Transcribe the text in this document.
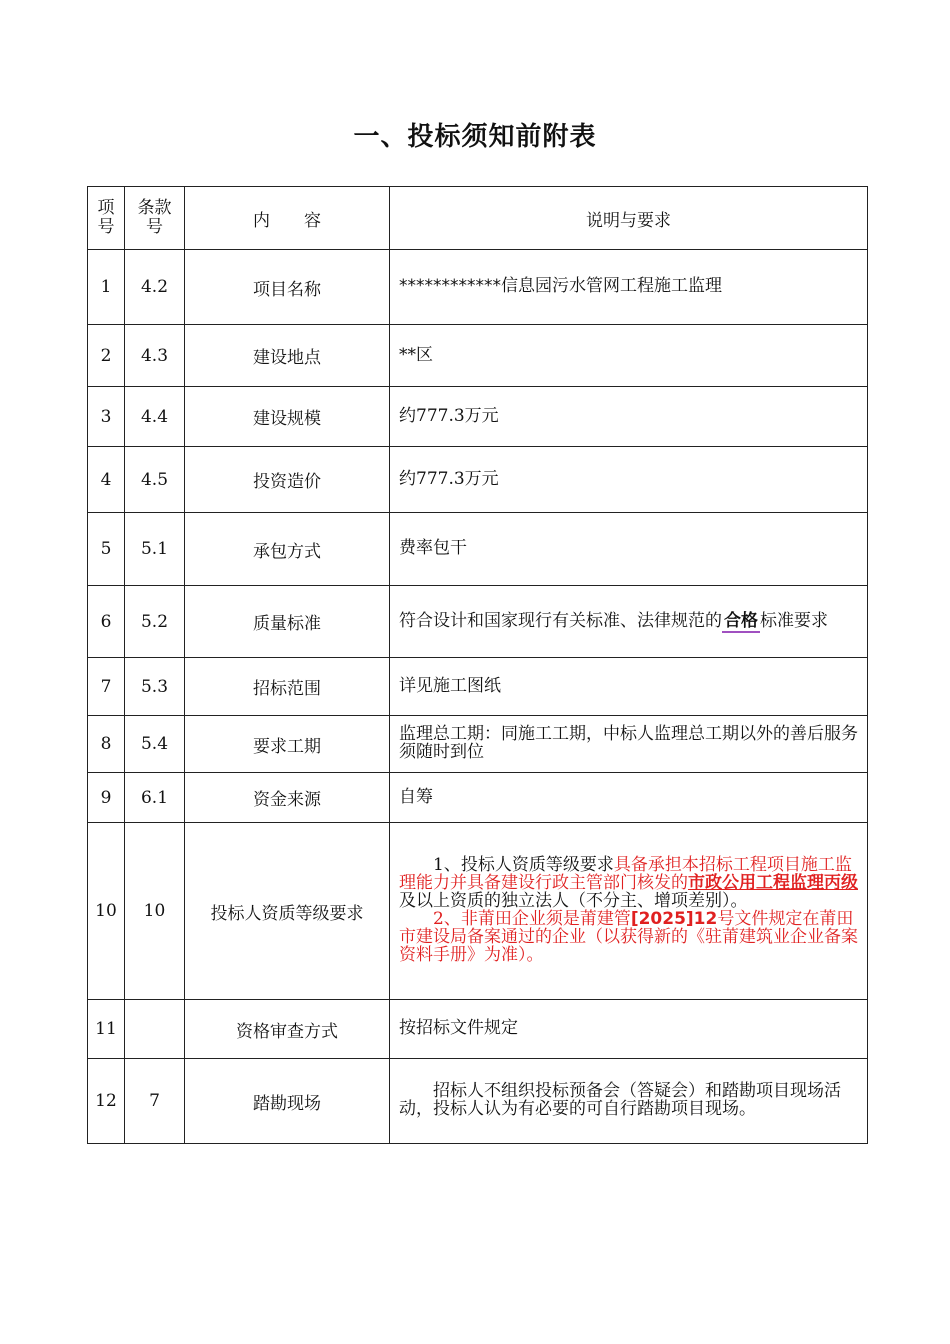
一、投标须知前附表
项号	条款号	内　　容	说明与要求
1	4.2	项目名称	************信息园污水管网工程施工监理
2	4.3	建设地点	**区
3	4.4	建设规模	约777.3万元
4	4.5	投资造价	约777.3万元
5	5.1	承包方式	费率包干
6	5.2	质量标准	符合设计和国家现行有关标准、法律规范的 合格 标准要求
7	5.3	招标范围	详见施工图纸
8	5.4	要求工期	监理总工期：同施工工期，中标人监理总工期以外的善后服务须随时到位
9	6.1	资金来源	自筹
10	10	投标人资质等级要求	1、投标人资质等级要求具备承担本招标工程项目施工监理能力并具备建设行政主管部门核发的市政公用工程监理丙级及以上资质的独立法人（不分主、增项差别）。
2、非莆田企业须是莆建管[2025]12号文件规定在莆田市建设局备案通过的企业（以获得新的《驻莆建筑业企业备案资料手册》为准）。

11		资格审查方式	按招标文件规定
12	7	踏勘现场	招标人不组织投标预备会（答疑会）和踏勘项目现场活动，投标人认为有必要的可自行踏勘项目现场。
